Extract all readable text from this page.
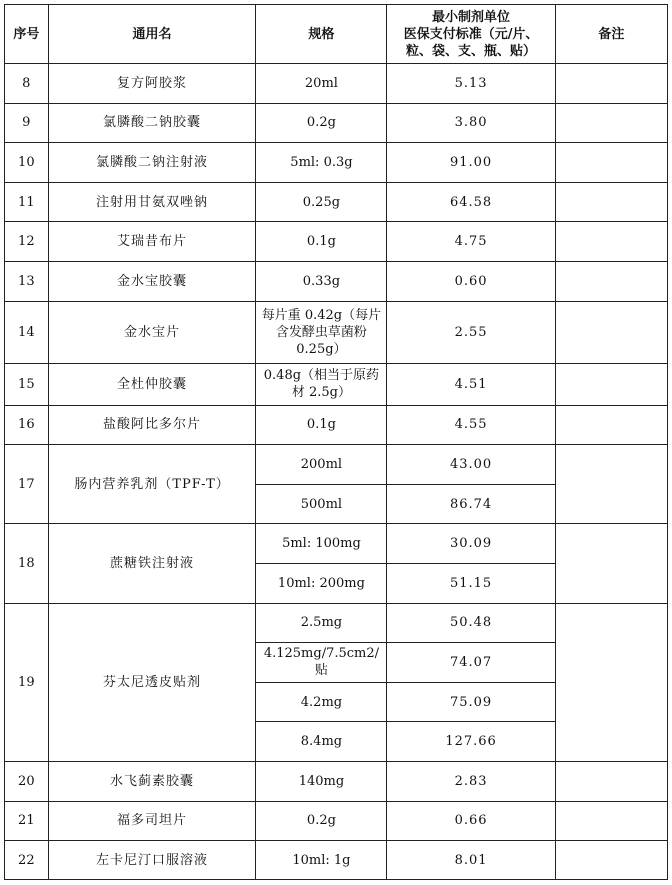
序号	通用名	规格	最小制剂单位
医保支付标准（元/片、
粒、袋、支、瓶、贴）	备注
8	复方阿胶浆	20ml	5.13	
9	氯膦酸二钠胶囊	0.2g	3.80	
10	氯膦酸二钠注射液	5ml: 0.3g	91.00	
11	注射用甘氨双唑钠	0.25g	64.58	
12	艾瑞昔布片	0.1g	4.75	
13	金水宝胶囊	0.33g	0.60	
14	金水宝片	每片重 0.42g（每片含发酵虫草菌粉 0.25g）	2.55	
15	全杜仲胶囊	0.48g（相当于原药材 2.5g）	4.51	
16	盐酸阿比多尔片	0.1g	4.55	
17	肠内营养乳剂（TPF-T）	200ml	43.00	
		500ml	86.74	
18	蔗糖铁注射液	5ml: 100mg	30.09	
		10ml: 200mg	51.15	
19	芬太尼透皮贴剂	2.5mg	50.48	
		4.125mg/7.5cm2/贴	74.07	
		4.2mg	75.09	
		8.4mg	127.66	
20	水飞蓟素胶囊	140mg	2.83	
21	福多司坦片	0.2g	0.66	
22	左卡尼汀口服溶液	10ml: 1g	8.01	
